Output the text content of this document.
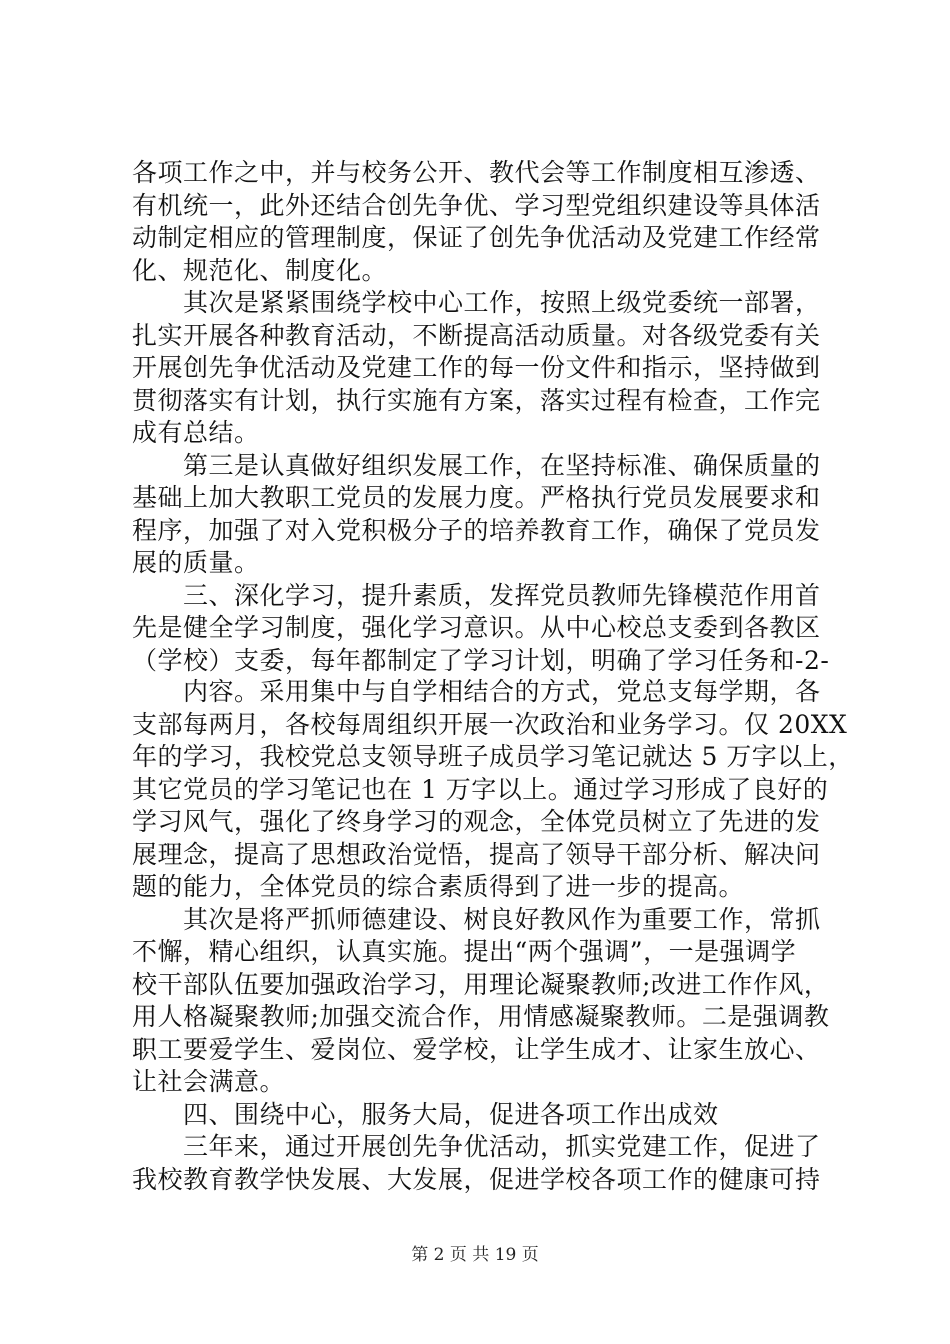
各项工作之中，并与校务公开、教代会等工作制度相互渗透、
有机统一，此外还结合创先争优、学习型党组织建设等具体活
动制定相应的管理制度，保证了创先争优活动及党建工作经常
化、规范化、制度化。
　　其次是紧紧围绕学校中心工作，按照上级党委统一部署，
扎实开展各种教育活动，不断提高活动质量。对各级党委有关
开展创先争优活动及党建工作的每一份文件和指示，坚持做到
贯彻落实有计划，执行实施有方案，落实过程有检查，工作完
成有总结。
　　第三是认真做好组织发展工作，在坚持标准、确保质量的
基础上加大教职工党员的发展力度。严格执行党员发展要求和
程序，加强了对入党积极分子的培养教育工作，确保了党员发
展的质量。
　　三、深化学习，提升素质，发挥党员教师先锋模范作用首
先是健全学习制度，强化学习意识。从中心校总支委到各教区
（学校）支委，每年都制定了学习计划，明确了学习任务和-2-
　　内容。采用集中与自学相结合的方式，党总支每学期，各
支部每两月，各校每周组织开展一次政治和业务学习。仅 20XX
年的学习，我校党总支领导班子成员学习笔记就达 5 万字以上，
其它党员的学习笔记也在 1 万字以上。通过学习形成了良好的
学习风气，强化了终身学习的观念，全体党员树立了先进的发
展理念，提高了思想政治觉悟，提高了领导干部分析、解决问
题的能力，全体党员的综合素质得到了进一步的提高。
　　其次是将严抓师德建设、树良好教风作为重要工作，常抓
不懈，精心组织，认真实施。提出“两个强调”，一是强调学
校干部队伍要加强政治学习，用理论凝聚教师;改进工作作风，
用人格凝聚教师;加强交流合作，用情感凝聚教师。二是强调教
职工要爱学生、爱岗位、爱学校，让学生成才、让家生放心、
让社会满意。
　　四、围绕中心，服务大局，促进各项工作出成效
　　三年来，通过开展创先争优活动，抓实党建工作，促进了
我校教育教学快发展、大发展，促进学校各项工作的健康可持
第 2 页 共 19 页
